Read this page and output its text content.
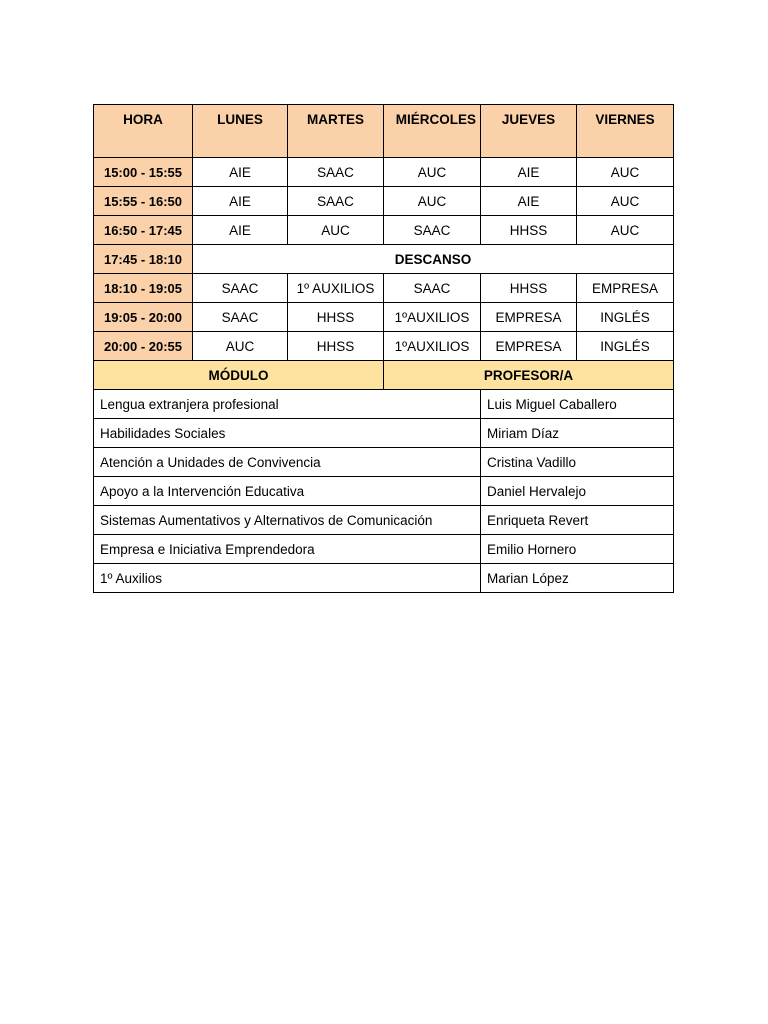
HORA	LUNES	MARTES	MIÉRCOLES	JUEVES	VIERNES
15:00 - 15:55	AIE	SAAC	AUC	AIE	AUC
15:55 - 16:50	AIE	SAAC	AUC	AIE	AUC
16:50 - 17:45	AIE	AUC	SAAC	HHSS	AUC
17:45 - 18:10	DESCANSO				
18:10 - 19:05	SAAC	1º AUXILIOS	SAAC	HHSS	EMPRESA
19:05 - 20:00	SAAC	HHSS	1ºAUXILIOS	EMPRESA	INGLÉS
20:00 - 20:55	AUC	HHSS	1ºAUXILIOS	EMPRESA	INGLÉS
MÓDULO			PROFESOR/A		
Lengua extranjera profesional				Luis Miguel Caballero	
Habilidades Sociales				Miriam Díaz	
Atención a Unidades de Convivencia				Cristina Vadillo	
Apoyo a la Intervención Educativa				Daniel Hervalejo	
Sistemas Aumentativos y Alternativos de Comunicación				Enriqueta Revert	
Empresa e Iniciativa Emprendedora				Emilio Hornero	
1º Auxilios				Marian López	
